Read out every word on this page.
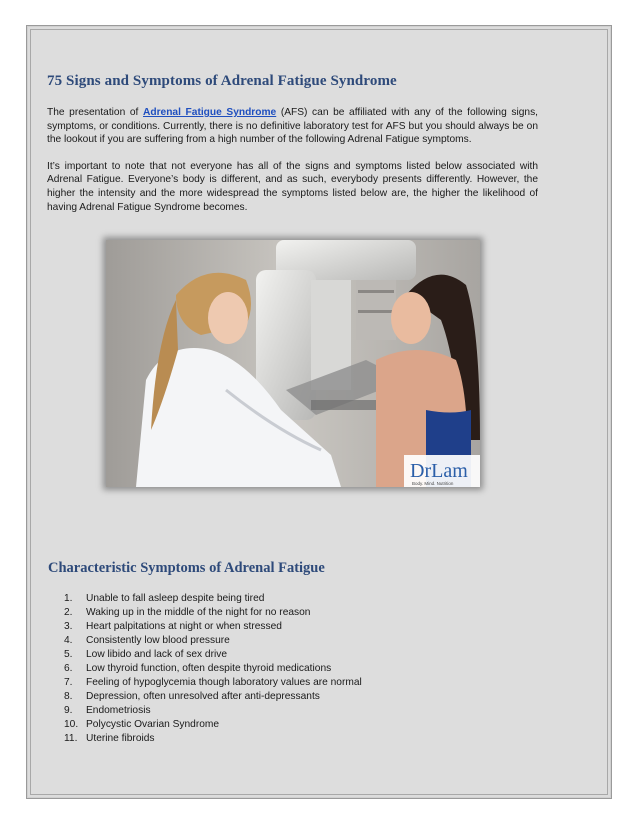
75 Signs and Symptoms of Adrenal Fatigue Syndrome

The presentation of Adrenal Fatigue Syndrome (AFS) can be affiliated with any of the following signs, symptoms, or conditions. Currently, there is no definitive laboratory test for AFS but you should always be on the lookout if you are suffering from a high number of the following Adrenal Fatigue symptoms.

It’s important to note that not everyone has all of the signs and symptoms listed below associated with Adrenal Fatigue. Everyone’s body is different, and as such, everybody presents differently. However, the higher the intensity and the more widespread the symptoms listed below are, the higher the likelihood of having Adrenal Fatigue Syndrome becomes.

DrLam
Body. Mind. Nutrition
Characteristic Symptoms of Adrenal Fatigue
1.	Unable to fall asleep despite being tired
2.	Waking up in the middle of the night for no reason
3.	Heart palpitations at night or when stressed
4.	Consistently low blood pressure
5.	Low libido and lack of sex drive
6.	Low thyroid function, often despite thyroid medications
7.	Feeling of hypoglycemia though laboratory values are normal
8.	Depression, often unresolved after anti-depressants
9.	Endometriosis
10. Polycystic Ovarian Syndrome
11. Uterine fibroids
